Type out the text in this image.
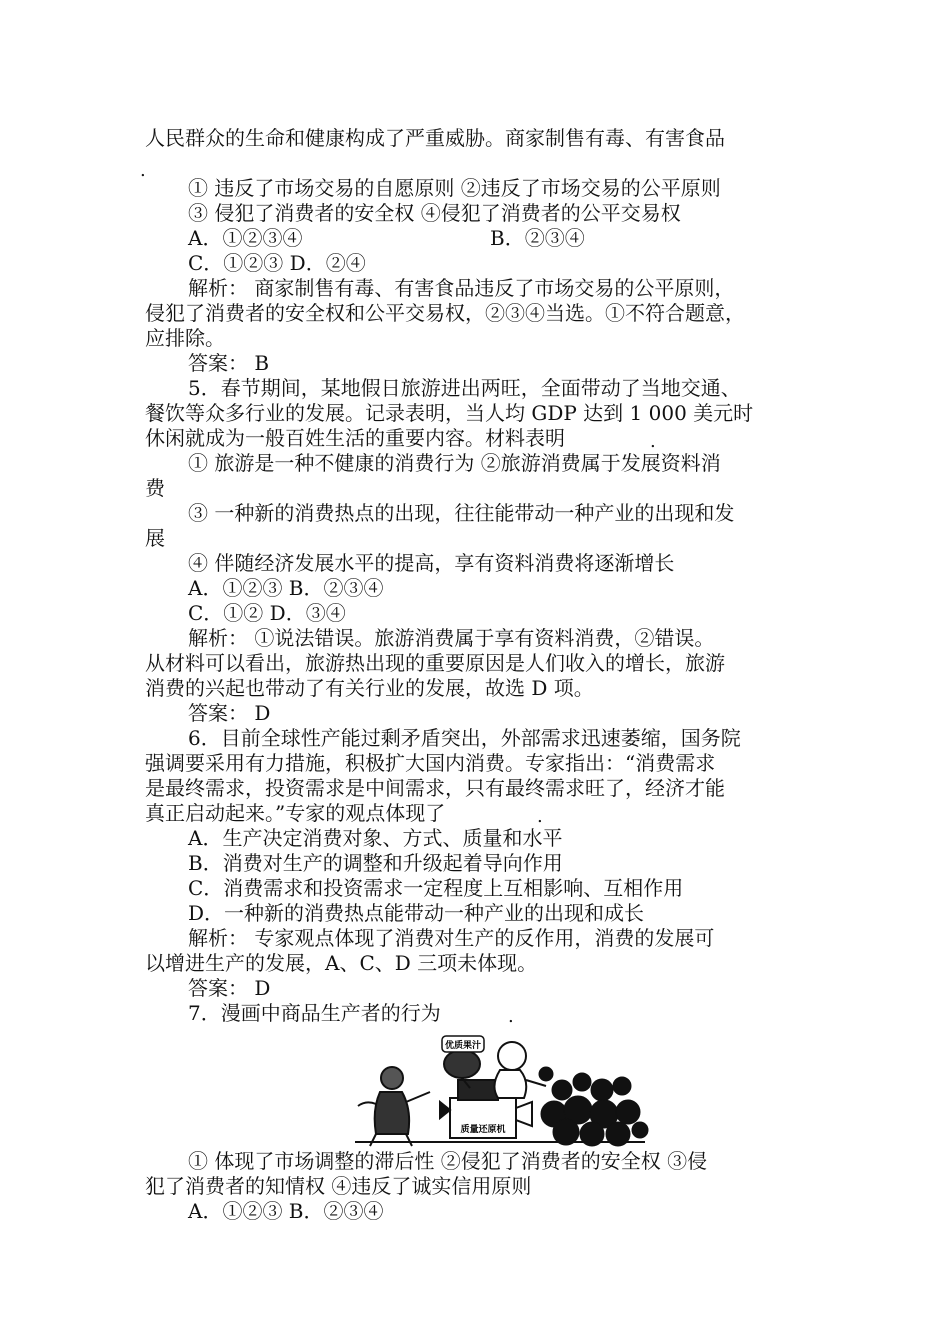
人民群众的生命和健康构成了严重威胁。商家制售有毒、有害食品
.
① 违反了市场交易的自愿原则 ②违反了市场交易的公平原则
③ 侵犯了消费者的安全权 ④侵犯了消费者的公平交易权
A．①②③④	B．②③④
C．①②③ D．②④
解析： 商家制售有毒、有害食品违反了市场交易的公平原则，
侵犯了消费者的安全权和公平交易权，②③④当选。①不符合题意，
应排除。
答案： B
5．春节期间，某地假日旅游进出两旺，全面带动了当地交通、
餐饮等众多行业的发展。记录表明，当人均 GDP 达到 1 000 美元时
休闲就成为一般百姓生活的重要内容。材料表明	.
① 旅游是一种不健康的消费行为 ②旅游消费属于发展资料消
费
③ 一种新的消费热点的出现，往往能带动一种产业的出现和发
展
④ 伴随经济发展水平的提高，享有资料消费将逐渐增长
A．①②③ B．②③④
C．①② D．③④
解析： ①说法错误。旅游消费属于享有资料消费，②错误。
从材料可以看出，旅游热出现的重要原因是人们收入的增长，旅游
消费的兴起也带动了有关行业的发展，故选 D 项。
答案： D
6．目前全球性产能过剩矛盾突出，外部需求迅速萎缩，国务院
强调要采用有力措施，积极扩大国内消费。专家指出：“消费需求
是最终需求，投资需求是中间需求，只有最终需求旺了，经济才能
真正启动起来。”专家的观点体现了	.
A．生产决定消费对象、方式、质量和水平
B．消费对生产的调整和升级起着导向作用
C．消费需求和投资需求一定程度上互相影响、互相作用
D．一种新的消费热点能带动一种产业的出现和成长
解析： 专家观点体现了消费对生产的反作用，消费的发展可
以增进生产的发展，A、C、D 三项未体现。
答案： D
7．漫画中商品生产者的行为	.
优质果汁
质量还原机
① 体现了市场调整的滞后性 ②侵犯了消费者的安全权 ③侵
犯了消费者的知情权 ④违反了诚实信用原则
A．①②③ B．②③④
